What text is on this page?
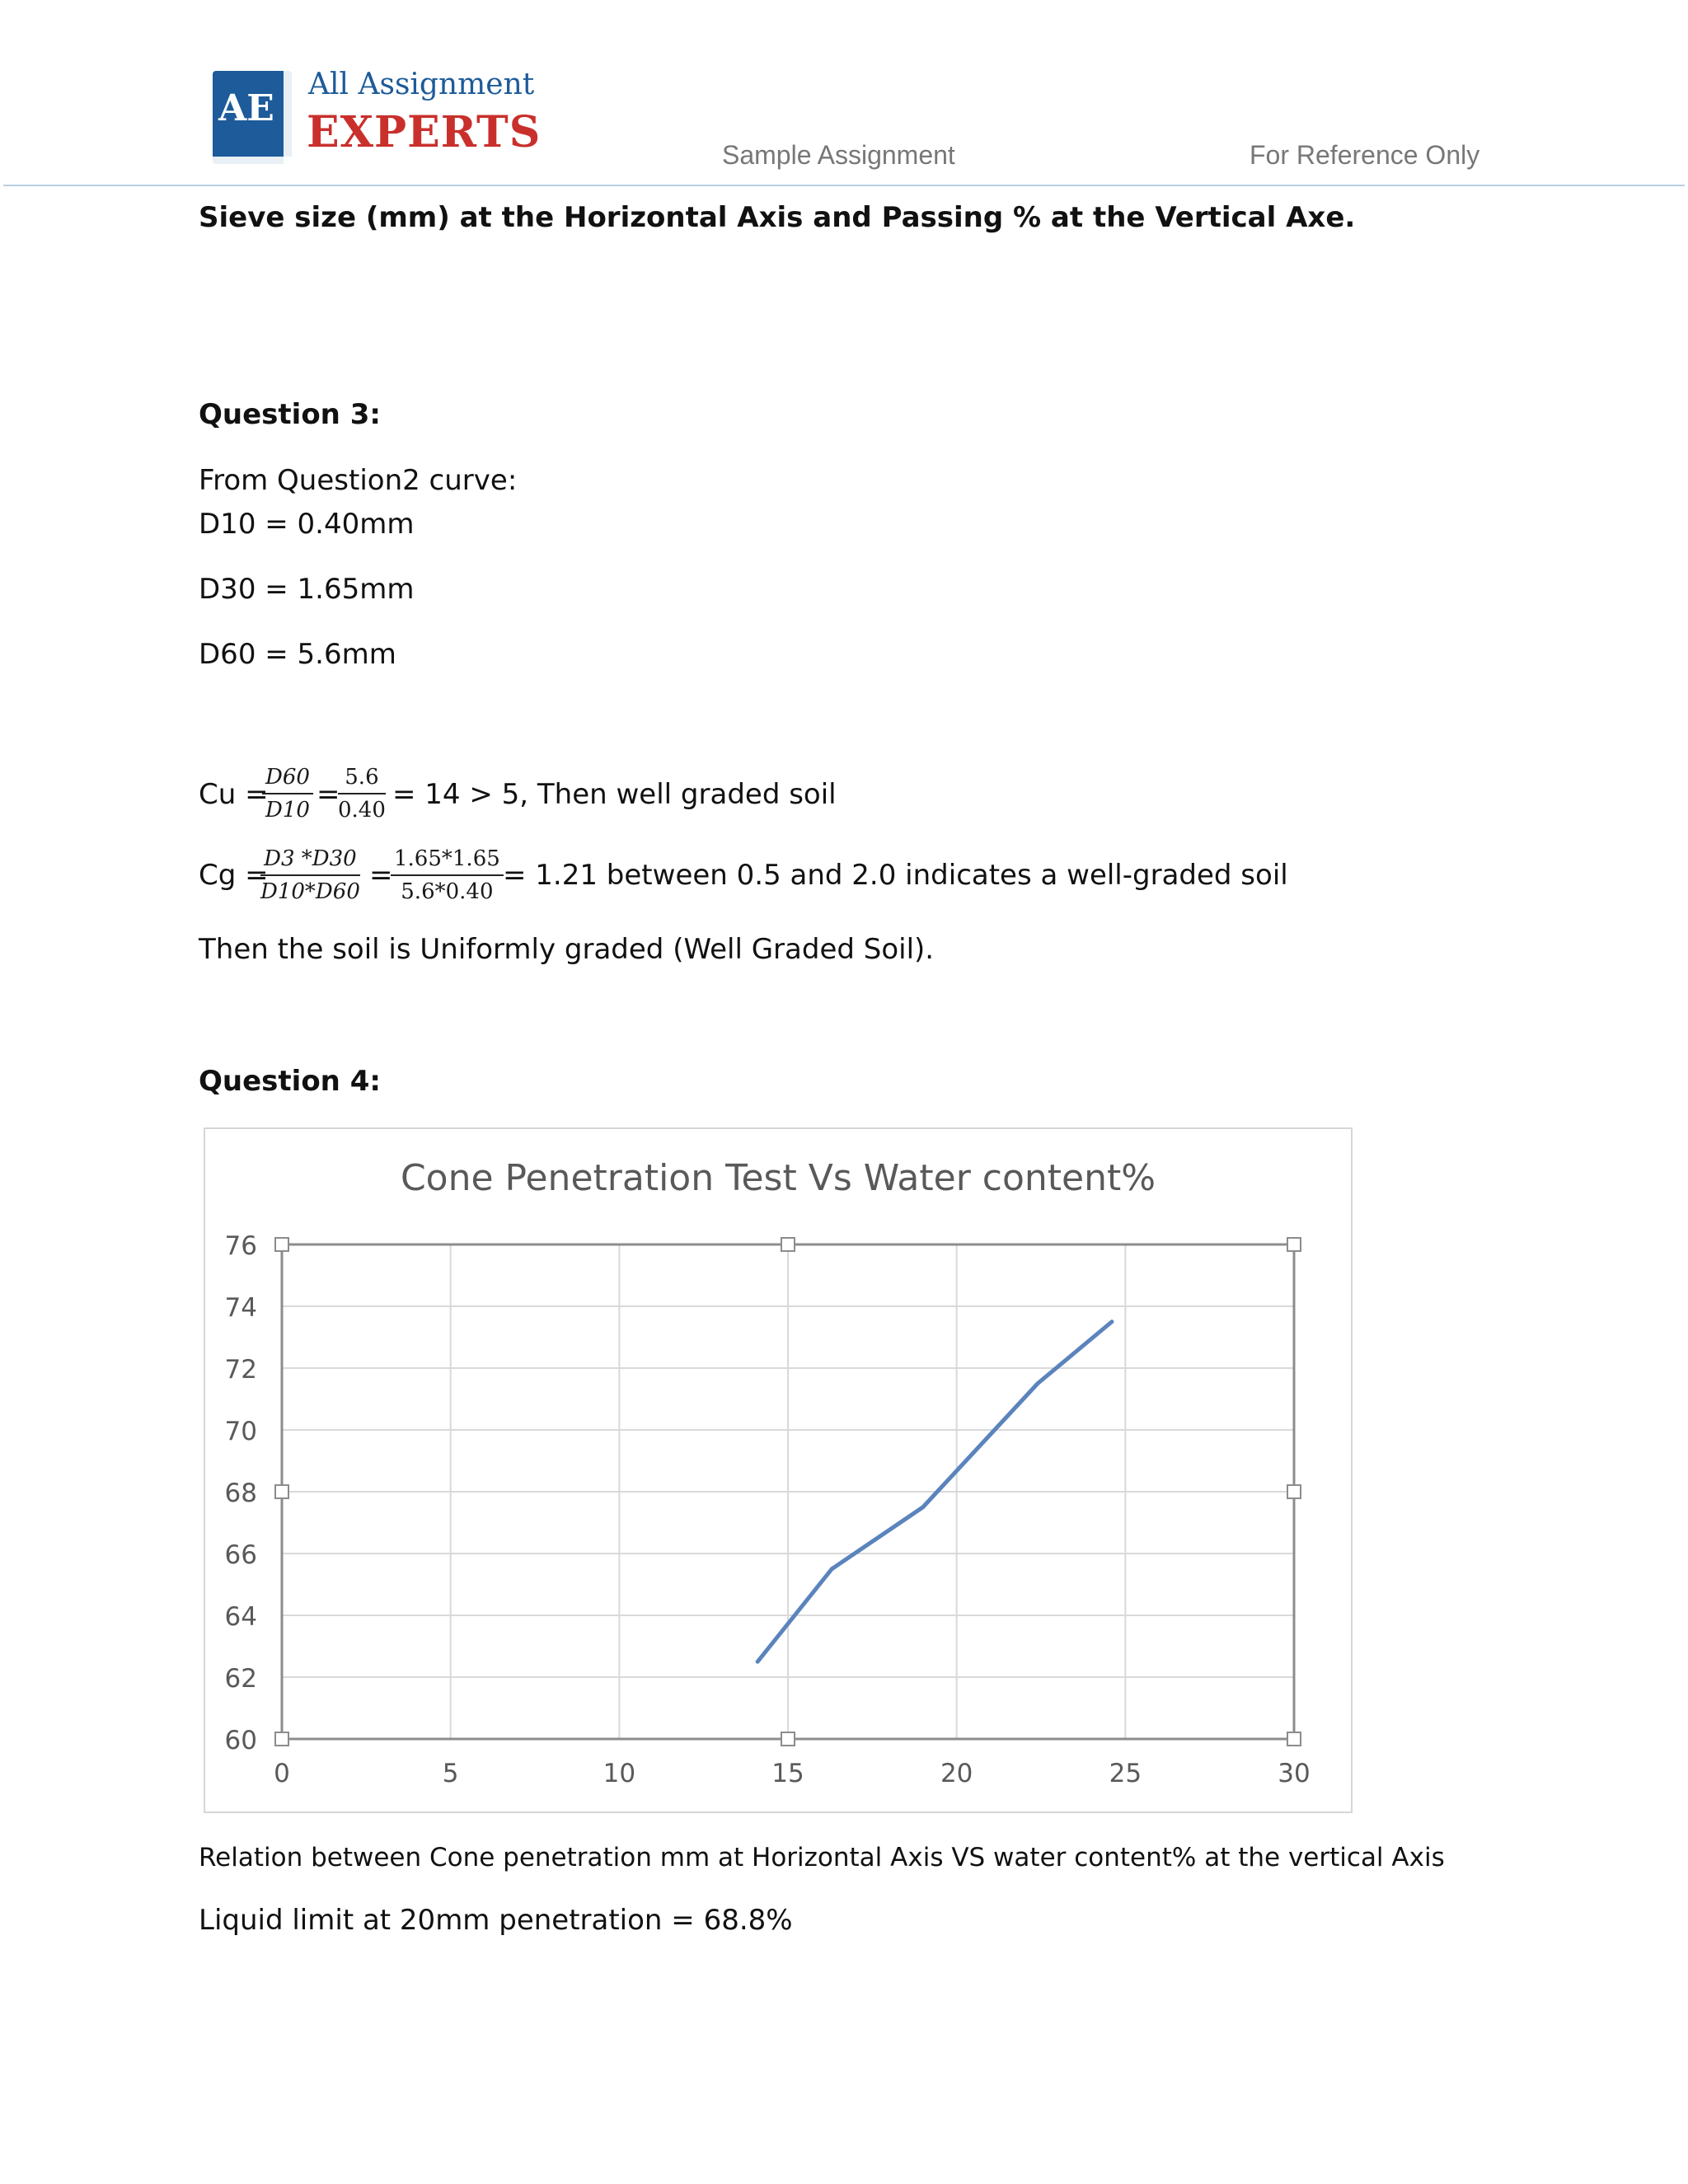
AE
All Assignment
EXPERTS	Sample Assignment	For Reference Only
Sieve size (mm) at the Horizontal Axis and Passing % at the Vertical Axe.
Question 3:
From Question2 curve:
D10 = 0.40mm
D30 = 1.65mm
D60 = 5.6mm
Cu =
$\frac{D60}{D10}$ =
$\frac{5.6}{0.40} = 14 > 5$, Then well graded soil
Cg =
$\frac{D3 *D30}{D10*D60}$ =
$\frac{1.65*1.65}{5.6*0.40} = 1.21$ between 0.5 and 2.0 indicates a well-graded soil
Then the soil is Uniformly graded (Well Graded Soil).
Question 4:
Cone Penetration Test Vs Water content%
60
62
64
66
68
70
72
74
76
0	5	10	15	20	25	30
Relation between Cone penetration mm at Horizontal Axis VS water content% at the vertical Axis
Liquid limit at 20mm penetration = 68.8%
